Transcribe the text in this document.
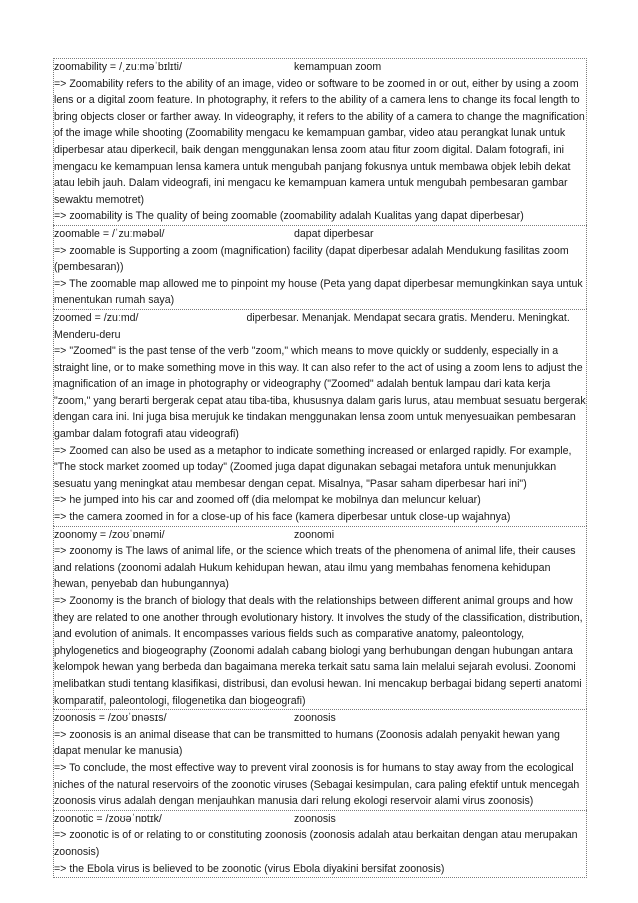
zoomability = /ˌzuːməˈbɪlɪti/	kemampuan zoom

=> Zoomability refers to the ability of an image, video or software to be zoomed in or out, either by using a zoom lens or a digital zoom feature. In photography, it refers to the ability of a camera lens to change its focal length to bring objects closer or farther away. In videography, it refers to the ability of a camera to change the magnification of the image while shooting (Zoomability mengacu ke kemampuan gambar, video atau perangkat lunak untuk diperbesar atau diperkecil, baik dengan menggunakan lensa zoom atau fitur zoom digital. Dalam fotografi, ini mengacu ke kemampuan lensa kamera untuk mengubah panjang fokusnya untuk membawa objek lebih dekat atau lebih jauh. Dalam videografi, ini mengacu ke kemampuan kamera untuk mengubah pembesaran gambar sewaktu memotret)

=> zoomability is The quality of being zoomable (zoomability adalah Kualitas yang dapat diperbesar)

zoomable = /ˈzuːməbəl/	dapat diperbesar

=> zoomable is Supporting a zoom (magnification) facility (dapat diperbesar adalah Mendukung fasilitas zoom (pembesaran))

=> The zoomable map allowed me to pinpoint my house (Peta yang dapat diperbesar memungkinkan saya untuk menentukan rumah saya)

zoomed = /zuːmd/	diperbesar. Menanjak. Mendapat secara gratis. Menderu. Meningkat. Menderu-deru

=> "Zoomed" is the past tense of the verb "zoom," which means to move quickly or suddenly, especially in a straight line, or to make something move in this way. It can also refer to the act of using a zoom lens to adjust the magnification of an image in photography or videography ("Zoomed" adalah bentuk lampau dari kata kerja "zoom," yang berarti bergerak cepat atau tiba-tiba, khususnya dalam garis lurus, atau membuat sesuatu bergerak dengan cara ini. Ini juga bisa merujuk ke tindakan menggunakan lensa zoom untuk menyesuaikan pembesaran gambar dalam fotografi atau videografi)

=> Zoomed can also be used as a metaphor to indicate something increased or enlarged rapidly. For example, "The stock market zoomed up today" (Zoomed juga dapat digunakan sebagai metafora untuk menunjukkan sesuatu yang meningkat atau membesar dengan cepat. Misalnya, "Pasar saham diperbesar hari ini")

=> he jumped into his car and zoomed off (dia melompat ke mobilnya dan meluncur keluar)

=> the camera zoomed in for a close-up of his face (kamera diperbesar untuk close-up wajahnya)

zoonomy = /zoʊˈɒnəmi/	zoonomi

=> zoonomy is The laws of animal life, or the science which treats of the phenomena of animal life, their causes and relations (zoonomi adalah Hukum kehidupan hewan, atau ilmu yang membahas fenomena kehidupan hewan, penyebab dan hubungannya)

=> Zoonomy is the branch of biology that deals with the relationships between different animal groups and how they are related to one another through evolutionary history. It involves the study of the classification, distribution, and evolution of animals. It encompasses various fields such as comparative anatomy, paleontology, phylogenetics and biogeography (Zoonomi adalah cabang biologi yang berhubungan dengan hubungan antara kelompok hewan yang berbeda dan bagaimana mereka terkait satu sama lain melalui sejarah evolusi. Zoonomi melibatkan studi tentang klasifikasi, distribusi, dan evolusi hewan. Ini mencakup berbagai bidang seperti anatomi komparatif, paleontologi, filogenetika dan biogeografi)

zoonosis = /zoʊˈɒnəsɪs/	zoonosis

=> zoonosis is an animal disease that can be transmitted to humans (Zoonosis adalah penyakit hewan yang dapat menular ke manusia)

=> To conclude, the most effective way to prevent viral zoonosis is for humans to stay away from the ecological niches of the natural reservoirs of the zoonotic viruses (Sebagai kesimpulan, cara paling efektif untuk mencegah zoonosis virus adalah dengan menjauhkan manusia dari relung ekologi reservoir alami virus zoonosis)

zoonotic = /zoʊəˈnɒtɪk/	zoonosis

=> zoonotic is of or relating to or constituting zoonosis (zoonosis adalah atau berkaitan dengan atau merupakan zoonosis)

=> the Ebola virus is believed to be zoonotic (virus Ebola diyakini bersifat zoonosis)
